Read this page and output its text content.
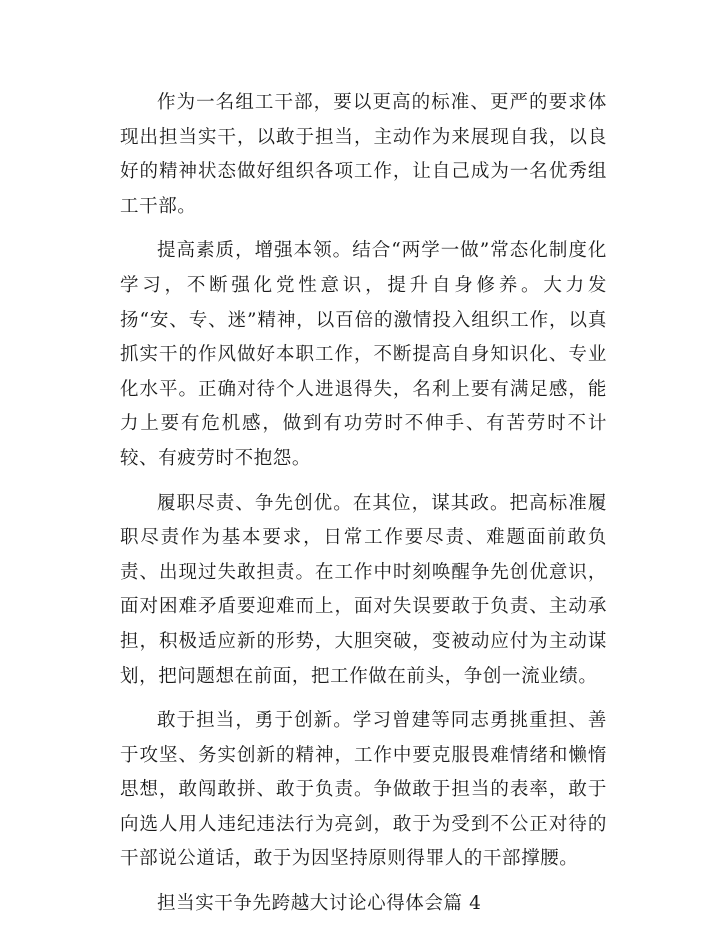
作为一名组工干部，要以更高的标准、更严的要求体现出担当实干，以敢于担当，主动作为来展现自我，以良好的精神状态做好组织各项工作，让自己成为一名优秀组工干部。

提高素质，增强本领。结合“两学一做”常态化制度化学习，不断强化党性意识，提升自身修养。大力发扬“安、专、迷”精神，以百倍的激情投入组织工作，以真抓实干的作风做好本职工作，不断提高自身知识化、专业化水平。正确对待个人进退得失，名利上要有满足感，能力上要有危机感，做到有功劳时不伸手、有苦劳时不计较、有疲劳时不抱怨。

履职尽责、争先创优。在其位，谋其政。把高标准履职尽责作为基本要求，日常工作要尽责、难题面前敢负责、出现过失敢担责。在工作中时刻唤醒争先创优意识，面对困难矛盾要迎难而上，面对失误要敢于负责、主动承担，积极适应新的形势，大胆突破，变被动应付为主动谋划，把问题想在前面，把工作做在前头，争创一流业绩。

敢于担当，勇于创新。学习曾建等同志勇挑重担、善于攻坚、务实创新的精神，工作中要克服畏难情绪和懒惰思想，敢闯敢拼、敢于负责。争做敢于担当的表率，敢于向选人用人违纪违法行为亮剑，敢于为受到不公正对待的干部说公道话，敢于为因坚持原则得罪人的干部撑腰。

担当实干争先跨越大讨论心得体会篇 4
